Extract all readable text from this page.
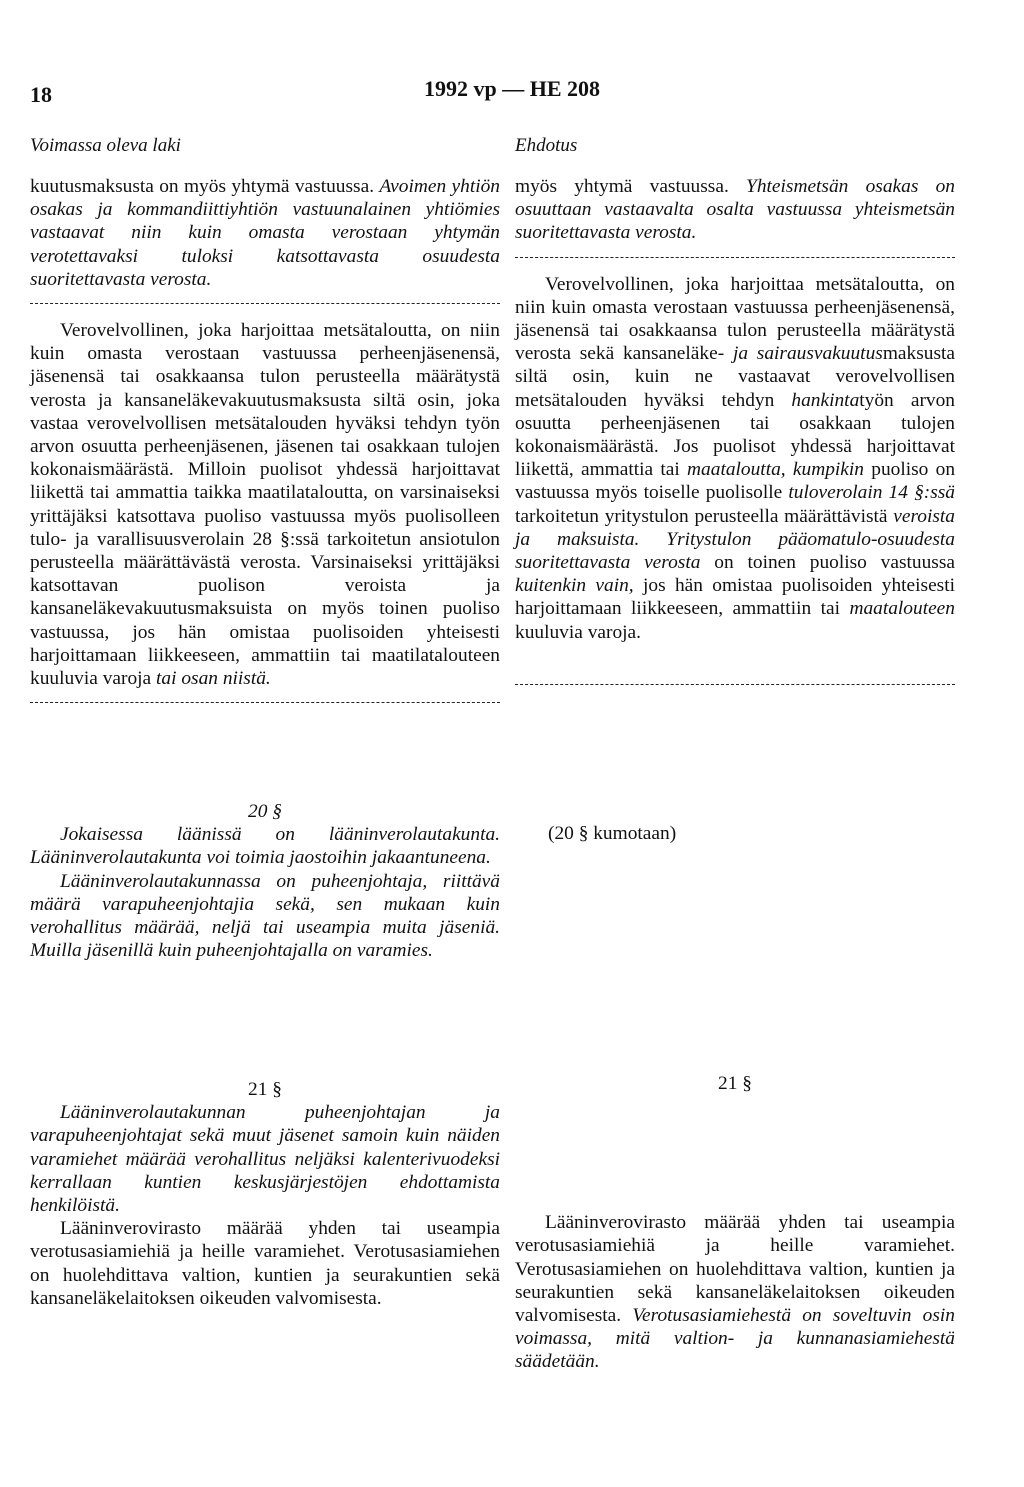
18	1992 vp — HE 208
Voimassa oleva laki	Ehdotus

kuutusmaksusta on myös yhtymä vastuussa. Avoimen yhtiön osakas ja kommandiittiyhtiön vastuunalainen yhtiömies vastaavat niin kuin omasta verostaan yhtymän verotettavaksi tuloksi katsottavasta osuudesta suoritettavasta verosta.

Verovelvollinen, joka harjoittaa metsätaloutta, on niin kuin omasta verostaan vastuussa perheenjäsenensä, jäsenensä tai osakkaansa tulon perusteella määrätystä verosta ja kansaneläkevakuutusmaksusta siltä osin, joka vastaa verovelvollisen metsätalouden hyväksi tehdyn työn arvon osuutta perheenjäsenen, jäsenen tai osakkaan tulojen kokonaismäärästä. Milloin puolisot yhdessä harjoittavat liikettä tai ammattia taikka maatilataloutta, on varsinaiseksi yrittäjäksi katsottava puoliso vastuussa myös puolisolleen tulo- ja varallisuusverolain 28 §:ssä tarkoitetun ansiotulon perusteella määrättävästä verosta. Varsinaiseksi yrittäjäksi katsottavan puolison veroista ja kansaneläkevakuutusmaksuista on myös toinen puoliso vastuussa, jos hän omistaa puolisoiden yhteisesti harjoittamaan liikkeeseen, ammattiin tai maatilatalouteen kuuluvia varoja tai osan niistä.

myös yhtymä vastuussa. Yhteismetsän osakas on osuuttaan vastaavalta osalta vastuussa yhteismetsän suoritettavasta verosta.

Verovelvollinen, joka harjoittaa metsätaloutta, on niin kuin omasta verostaan vastuussa perheenjäsenensä, jäsenensä tai osakkaansa tulon perusteella määrätystä verosta sekä kansaneläke- ja sairausvakuutusmaksusta siltä osin, kuin ne vastaavat verovelvollisen metsätalouden hyväksi tehdyn hankintatyön arvon osuutta perheenjäsenen tai osakkaan tulojen kokonaismäärästä. Jos puolisot yhdessä harjoittavat liikettä, ammattia tai maataloutta, kumpikin puoliso on vastuussa myös toiselle puolisolle tuloverolain 14 §:ssä tarkoitetun yritystulon perusteella määrättävistä veroista ja maksuista. Yritystulon pääomatulo-osuudesta suoritettavasta verosta on toinen puoliso vastuussa kuitenkin vain, jos hän omistaa puolisoiden yhteisesti harjoittamaan liikkeeseen, ammattiin tai maatalouteen kuuluvia varoja.

20 §

Jokaisessa läänissä on lääninverolautakunta. Lääninverolautakunta voi toimia jaostoihin jakaantuneena.

Lääninverolautakunnassa on puheenjohtaja, riittävä määrä varapuheenjohtajia sekä, sen mukaan kuin verohallitus määrää, neljä tai useampia muita jäseniä. Muilla jäsenillä kuin puheenjohtajalla on varamies.

(20 § kumotaan)

21 §

Lääninverolautakunnan puheenjohtajan ja varapuheenjohtajat sekä muut jäsenet samoin kuin näiden varamiehet määrää verohallitus neljäksi kalenterivuodeksi kerrallaan kuntien keskusjärjestöjen ehdottamista henkilöistä.

Lääninverovirasto määrää yhden tai useampia verotusasiamiehiä ja heille varamiehet. Verotusasiamiehen on huolehdittava valtion, kuntien ja seurakuntien sekä kansaneläkelaitoksen oikeuden valvomisesta.

21 §

Lääninverovirasto määrää yhden tai useampia verotusasiamiehiä ja heille varamiehet. Verotusasiamiehen on huolehdittava valtion, kuntien ja seurakuntien sekä kansaneläkelaitoksen oikeuden valvomisesta. Verotusasiamiehestä on soveltuvin osin voimassa, mitä valtion- ja kunnanasiamiehestä säädetään.
